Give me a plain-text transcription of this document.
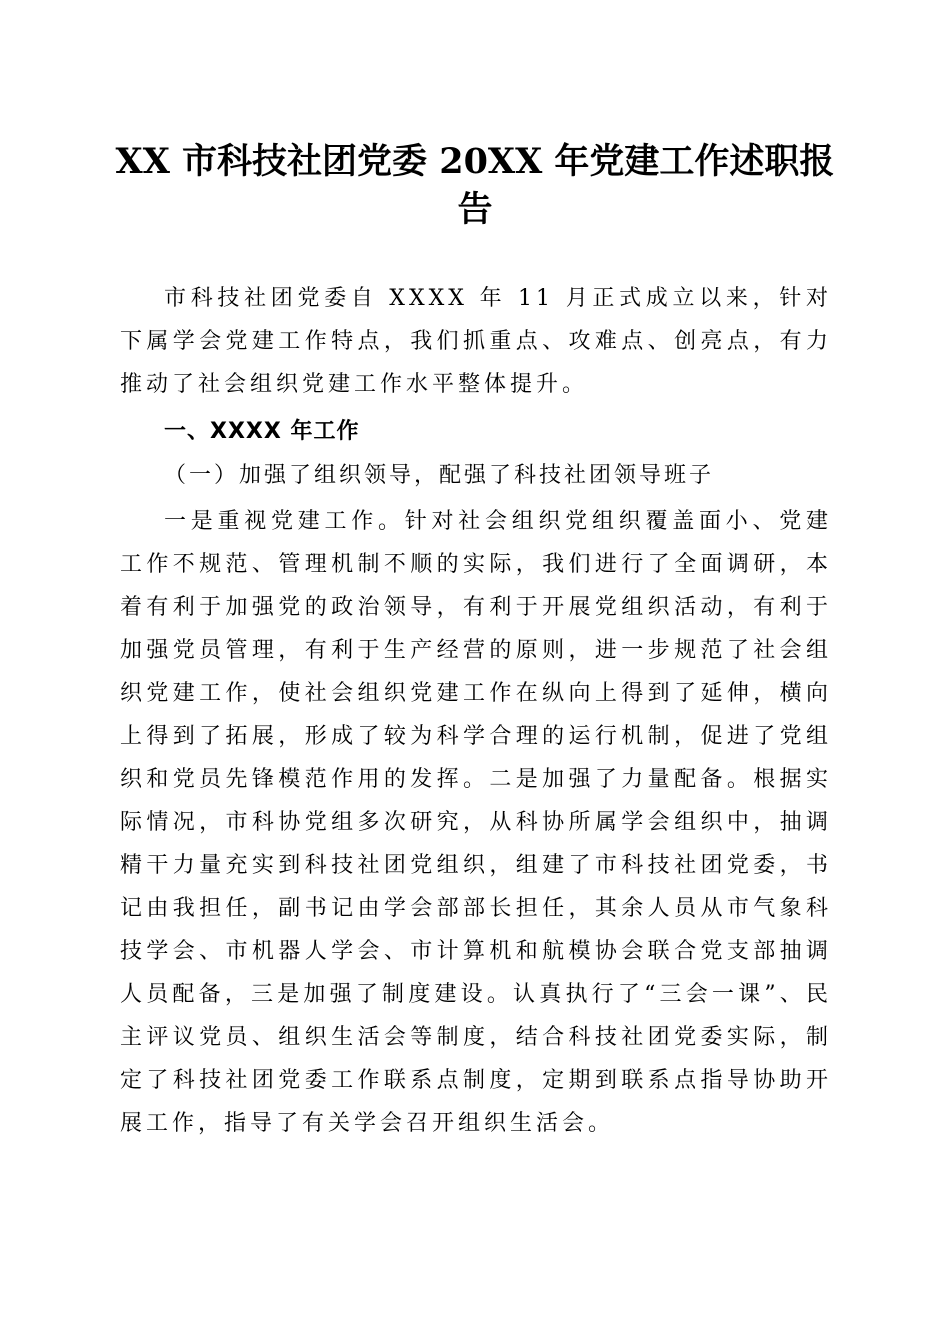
XX 市科技社团党委 20XX 年党建工作述职报告

市科技社团党委自 XXXX 年 11 月正式成立以来，针对下属学会党建工作特点，我们抓重点、攻难点、创亮点，有力推动了社会组织党建工作水平整体提升。

一、XXXX 年工作

（一）加强了组织领导，配强了科技社团领导班子

一是重视党建工作。针对社会组织党组织覆盖面小、党建工作不规范、管理机制不顺的实际，我们进行了全面调研，本着有利于加强党的政治领导，有利于开展党组织活动，有利于加强党员管理，有利于生产经营的原则，进一步规范了社会组织党建工作，使社会组织党建工作在纵向上得到了延伸，横向上得到了拓展，形成了较为科学合理的运行机制，促进了党组织和党员先锋模范作用的发挥。二是加强了力量配备。根据实际情况，市科协党组多次研究，从科协所属学会组织中，抽调精干力量充实到科技社团党组织，组建了市科技社团党委，书记由我担任，副书记由学会部部长担任，其余人员从市气象科技学会、市机器人学会、市计算机和航模协会联合党支部抽调人员配备，三是加强了制度建设。认真执行了“三会一课”、民主评议党员、组织生活会等制度，结合科技社团党委实际，制定了科技社团党委工作联系点制度，定期到联系点指导协助开展工作，指导了有关学会召开组织生活会。
